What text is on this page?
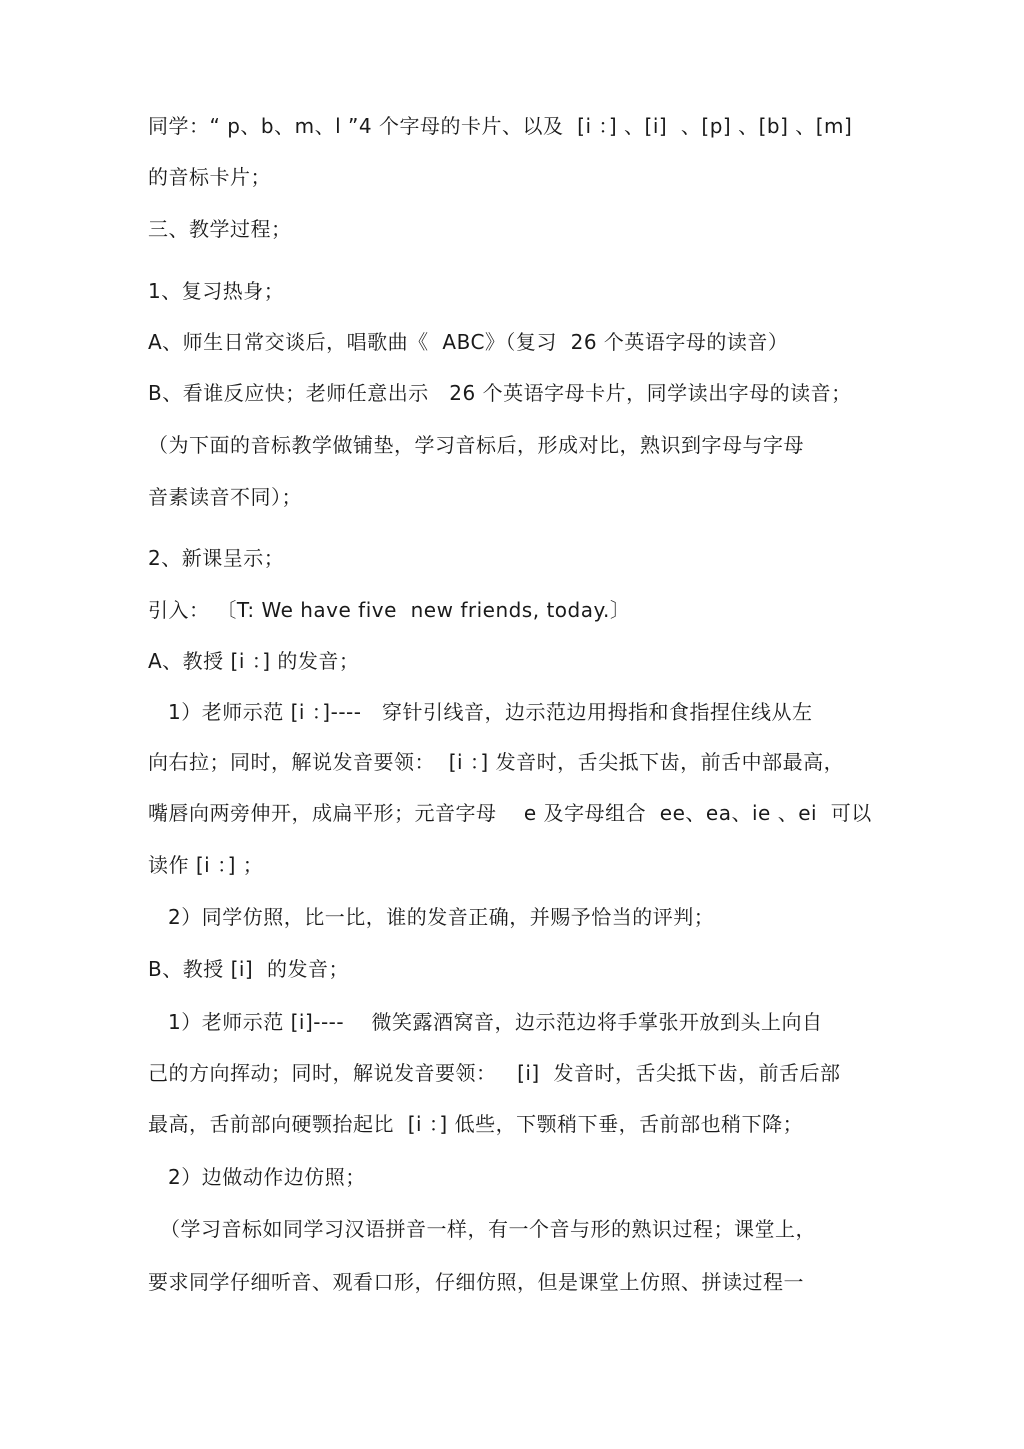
同学：“ p、b、m、l ”4 个字母的卡片、以及  [i ：] 、[i]  、[p] 、[b] 、[m]
的音标卡片；
三、教学过程；
1、复习热身；
A、师生日常交谈后，唱歌曲《  ABC》（复习  26 个英语字母的读音）
B、看谁反应快；老师任意出示   26 个英语字母卡片，同学读出字母的读音；
（为下面的音标教学做铺垫，学习音标后，形成对比，熟识到字母与字母
音素读音不同）；
2、新课呈示；
引入： 〔T: We have five  new friends, today.〕
A、教授 [i ：] 的发音；
1）老师示范 [i ：]----   穿针引线音，边示范边用拇指和食指捏住线从左
向右拉；同时，解说发音要领：  [i ：] 发音时，舌尖抵下齿，前舌中部最高，
嘴唇向两旁伸开，成扁平形；元音字母    e 及字母组合  ee、ea、ie 、ei  可以
读作 [i ：] ；
2）同学仿照，比一比，谁的发音正确，并赐予恰当的评判；
B、教授 [i]  的发音；
1）老师示范 [i]----    微笑露酒窝音，边示范边将手掌张开放到头上向自
己的方向挥动；同时，解说发音要领：   [i]  发音时，舌尖抵下齿，前舌后部
最高，舌前部向硬颚抬起比  [i ：] 低些，下颚稍下垂，舌前部也稍下降；
2）边做动作边仿照；
（学习音标如同学习汉语拼音一样，有一个音与形的熟识过程；课堂上，
要求同学仔细听音、观看口形，仔细仿照，但是课堂上仿照、拼读过程一
